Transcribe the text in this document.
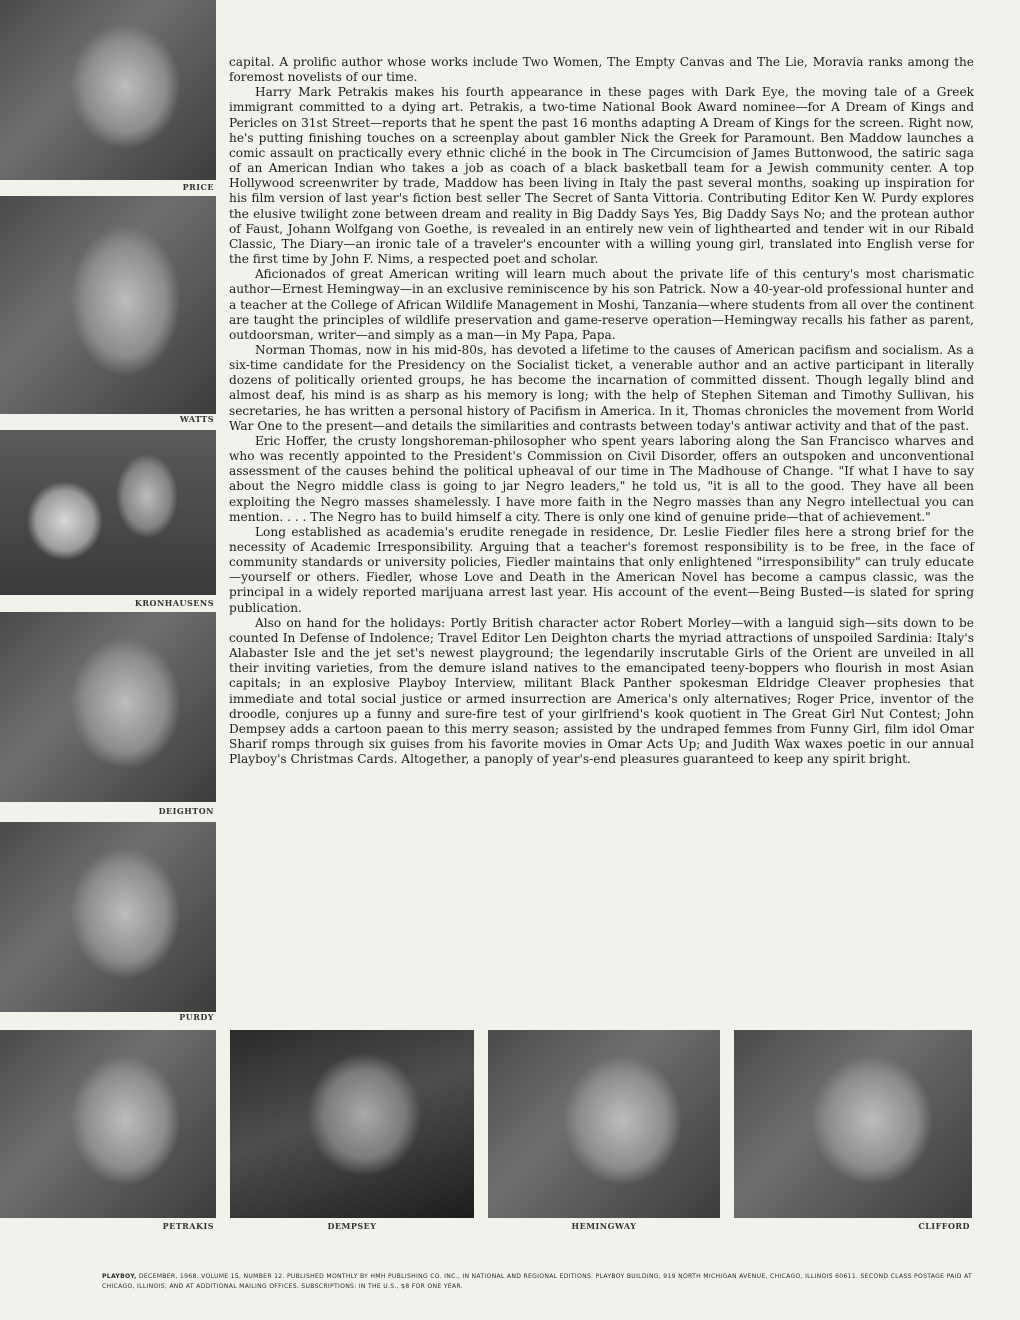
PRICE
WATTS
KRONHAUSENS
DEIGHTON
PURDY
PETRAKIS	DEMPSEY	HEMINGWAY	CLIFFORD

capital. A prolific author whose works include Two Women, The Empty Canvas and The Lie, Moravia ranks among the foremost novelists of our time.

Harry Mark Petrakis makes his fourth appearance in these pages with Dark Eye, the moving tale of a Greek immigrant committed to a dying art. Petrakis, a two-time National Book Award nominee—for A Dream of Kings and Pericles on 31st Street—reports that he spent the past 16 months adapting A Dream of Kings for the screen. Right now, he's putting finishing touches on a screenplay about gambler Nick the Greek for Paramount. Ben Maddow launches a comic assault on practically every ethnic cliché in the book in The Circumcision of James Buttonwood, the satiric saga of an American Indian who takes a job as coach of a black basketball team for a Jewish community center. A top Hollywood screenwriter by trade, Maddow has been living in Italy the past several months, soaking up inspiration for his film version of last year's fiction best seller The Secret of Santa Vittoria. Contributing Editor Ken W. Purdy explores the elusive twilight zone between dream and reality in Big Daddy Says Yes, Big Daddy Says No; and the protean author of Faust, Johann Wolfgang von Goethe, is revealed in an entirely new vein of lighthearted and tender wit in our Ribald Classic, The Diary—an ironic tale of a traveler's encounter with a willing young girl, translated into English verse for the first time by John F. Nims, a respected poet and scholar.

Aficionados of great American writing will learn much about the private life of this century's most charismatic author—Ernest Hemingway—in an exclusive reminiscence by his son Patrick. Now a 40-year-old professional hunter and a teacher at the College of African Wildlife Management in Moshi, Tanzania—where students from all over the continent are taught the principles of wildlife preservation and game-reserve operation—Hemingway recalls his father as parent, outdoorsman, writer—and simply as a man—in My Papa, Papa.

Norman Thomas, now in his mid-80s, has devoted a lifetime to the causes of American pacifism and socialism. As a six-time candidate for the Presidency on the Socialist ticket, a venerable author and an active participant in literally dozens of politically oriented groups, he has become the incarnation of committed dissent. Though legally blind and almost deaf, his mind is as sharp as his memory is long; with the help of Stephen Siteman and Timothy Sullivan, his secretaries, he has written a personal history of Pacifism in America. In it, Thomas chronicles the movement from World War One to the present—and details the similarities and contrasts between today's antiwar activity and that of the past.

Eric Hoffer, the crusty longshoreman-philosopher who spent years laboring along the San Francisco wharves and who was recently appointed to the President's Commission on Civil Disorder, offers an outspoken and unconventional assessment of the causes behind the political upheaval of our time in The Madhouse of Change. "If what I have to say about the Negro middle class is going to jar Negro leaders," he told us, "it is all to the good. They have all been exploiting the Negro masses shamelessly. I have more faith in the Negro masses than any Negro intellectual you can mention. . . . The Negro has to build himself a city. There is only one kind of genuine pride—that of achievement."

Long established as academia's erudite renegade in residence, Dr. Leslie Fiedler files here a strong brief for the necessity of Academic Irresponsibility. Arguing that a teacher's foremost responsibility is to be free, in the face of community standards or university policies, Fiedler maintains that only enlightened "irresponsibility" can truly educate—yourself or others. Fiedler, whose Love and Death in the American Novel has become a campus classic, was the principal in a widely reported marijuana arrest last year. His account of the event—Being Busted—is slated for spring publication.

Also on hand for the holidays: Portly British character actor Robert Morley—with a languid sigh—sits down to be counted In Defense of Indolence; Travel Editor Len Deighton charts the myriad attractions of unspoiled Sardinia: Italy's Alabaster Isle and the jet set's newest playground; the legendarily inscrutable Girls of the Orient are unveiled in all their inviting varieties, from the demure island natives to the emancipated teeny-boppers who flourish in most Asian capitals; in an explosive Playboy Interview, militant Black Panther spokesman Eldridge Cleaver prophesies that immediate and total social justice or armed insurrection are America's only alternatives; Roger Price, inventor of the droodle, conjures up a funny and sure-fire test of your girlfriend's kook quotient in The Great Girl Nut Contest; John Dempsey adds a cartoon paean to this merry season; assisted by the undraped femmes from Funny Girl, film idol Omar Sharif romps through six guises from his favorite movies in Omar Acts Up; and Judith Wax waxes poetic in our annual Playboy's Christmas Cards. Altogether, a panoply of year's-end pleasures guaranteed to keep any spirit bright.

PLAYBOY, DECEMBER, 1968, VOLUME 15, NUMBER 12. PUBLISHED MONTHLY BY HMH PUBLISHING CO. INC., IN NATIONAL AND REGIONAL EDITIONS. PLAYBOY BUILDING, 919 NORTH MICHIGAN AVENUE, CHICAGO, ILLINOIS 60611. SECOND CLASS POSTAGE PAID AT CHICAGO, ILLINOIS, AND AT ADDITIONAL MAILING OFFICES. SUBSCRIPTIONS: IN THE U.S., $8 FOR ONE YEAR.
